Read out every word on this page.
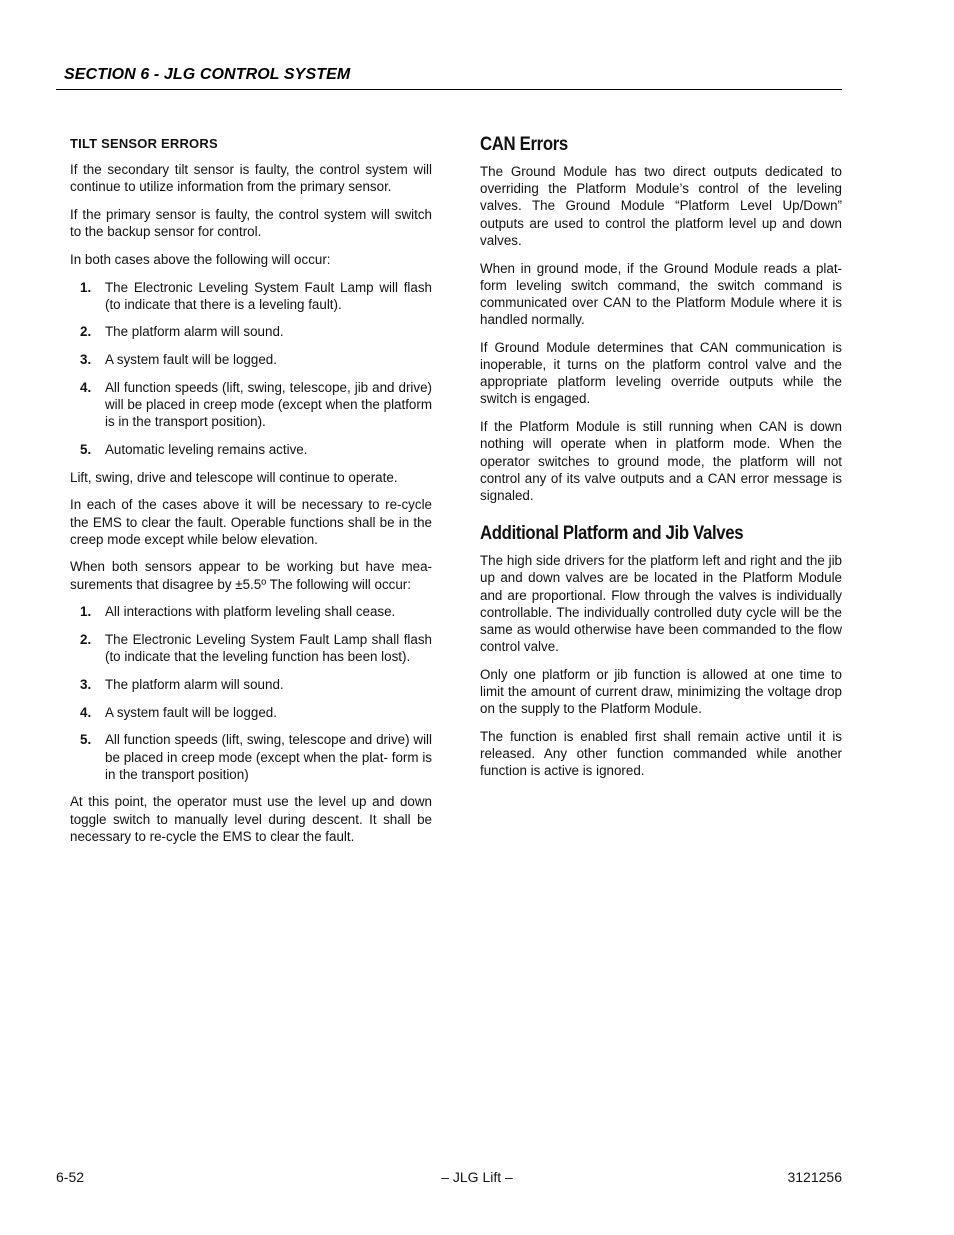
SECTION 6 - JLG CONTROL SYSTEM
TILT SENSOR ERRORS

If the secondary tilt sensor is faulty, the control system will continue to utilize information from the primary sensor.

If the primary sensor is faulty, the control system will switch to the backup sensor for control.

In both cases above the following will occur:

1. The Electronic Leveling System Fault Lamp will flash (to indicate that there is a leveling fault).
2. The platform alarm will sound.
3. A system fault will be logged.
4. All function speeds (lift, swing, telescope, jib and drive) will be placed in creep mode (except when the platform is in the transport position).
5. Automatic leveling remains active.

Lift, swing, drive and telescope will continue to operate.

In each of the cases above it will be necessary to re-cycle the EMS to clear the fault. Operable functions shall be in the creep mode except while below elevation.

When both sensors appear to be working but have mea- surements that disagree by ±5.5º The following will occur:

1. All interactions with platform leveling shall cease.
2. The Electronic Leveling System Fault Lamp shall flash (to indicate that the leveling function has been lost).
3. The platform alarm will sound.
4. A system fault will be logged.
5. All function speeds (lift, swing, telescope and drive) will be placed in creep mode (except when the plat- form is in the transport position)

At this point, the operator must use the level up and down toggle switch to manually level during descent. It shall be necessary to re-cycle the EMS to clear the fault.

CAN Errors

The Ground Module has two direct outputs dedicated to overriding the Platform Module’s control of the leveling valves. The Ground Module “Platform Level Up/Down” outputs are used to control the platform level up and down valves.

When in ground mode, if the Ground Module reads a plat- form leveling switch command, the switch command is communicated over CAN to the Platform Module where it is handled normally.

If Ground Module determines that CAN communication is inoperable, it turns on the platform control valve and the appropriate platform leveling override outputs while the switch is engaged.

If the Platform Module is still running when CAN is down nothing will operate when in platform mode. When the operator switches to ground mode, the platform will not control any of its valve outputs and a CAN error message is signaled.

Additional Platform and Jib Valves

The high side drivers for the platform left and right and the jib up and down valves are be located in the Platform Module and are proportional. Flow through the valves is individually controllable. The individually controlled duty cycle will be the same as would otherwise have been commanded to the flow control valve.

Only one platform or jib function is allowed at one time to limit the amount of current draw, minimizing the voltage drop on the supply to the Platform Module.

The function is enabled first shall remain active until it is released. Any other function commanded while another function is active is ignored.

6-52	– JLG Lift –	3121256
